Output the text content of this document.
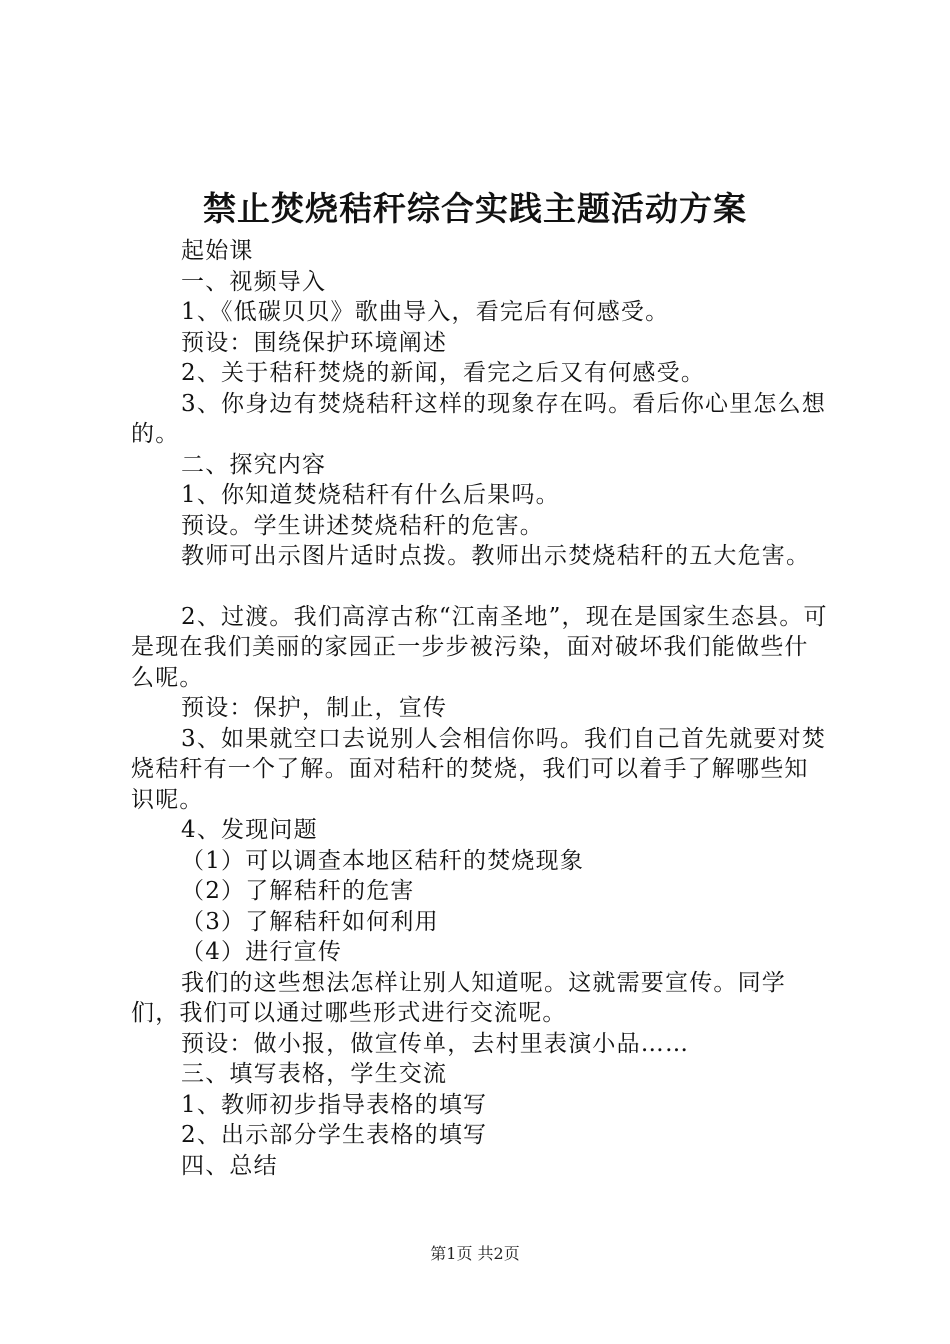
禁止焚烧秸秆综合实践主题活动方案

起始课

一、视频导入

1、《低碳贝贝》歌曲导入，看完后有何感受。

预设：围绕保护环境阐述

2、关于秸秆焚烧的新闻，看完之后又有何感受。

3、你身边有焚烧秸秆这样的现象存在吗。看后你心里怎么想的。

二、探究内容

1、你知道焚烧秸秆有什么后果吗。

预设。学生讲述焚烧秸秆的危害。

教师可出示图片适时点拨。教师出示焚烧秸秆的五大危害。

2、过渡。我们高淳古称“江南圣地”，现在是国家生态县。可是现在我们美丽的家园正一步步被污染，面对破坏我们能做些什么呢。

预设：保护，制止，宣传

3、如果就空口去说别人会相信你吗。我们自己首先就要对焚烧秸秆有一个了解。面对秸秆的焚烧，我们可以着手了解哪些知识呢。

4、发现问题

（1）可以调查本地区秸秆的焚烧现象

（2）了解秸秆的危害

（3）了解秸秆如何利用

（4）进行宣传

我们的这些想法怎样让别人知道呢。这就需要宣传。同学们，我们可以通过哪些形式进行交流呢。

预设：做小报，做宣传单，去村里表演小品……

三、填写表格，学生交流

1、教师初步指导表格的填写

2、出示部分学生表格的填写

四、总结

第1页 共2页
